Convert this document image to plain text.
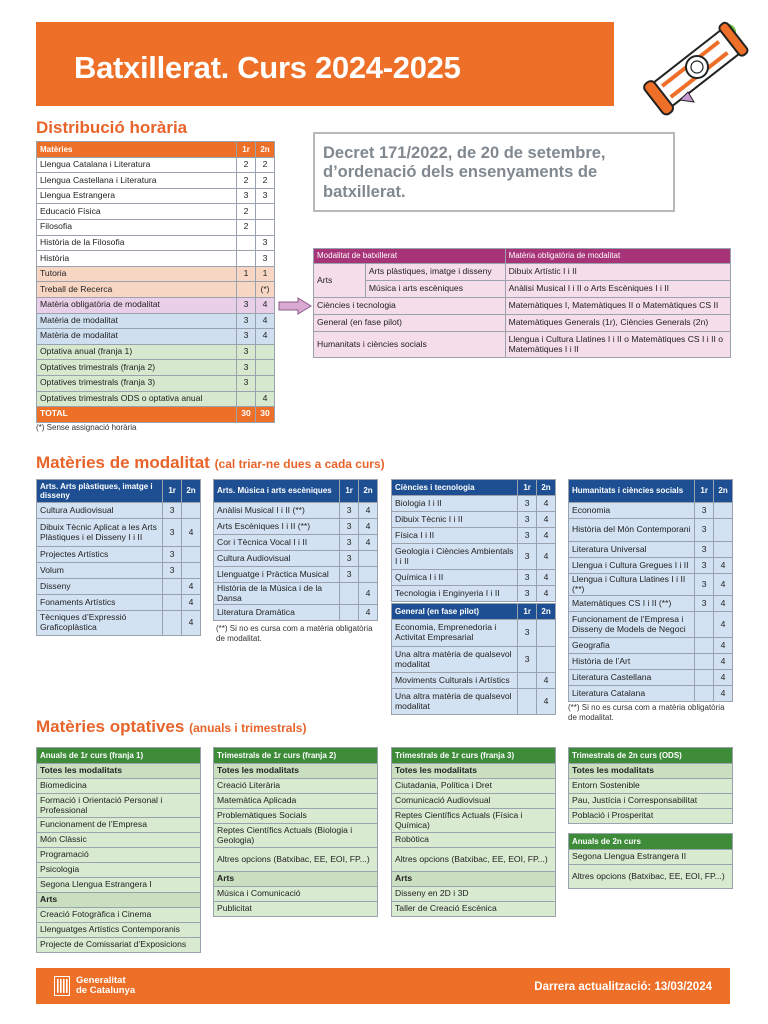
Batxillerat. Curs 2024-2025
Distribució horària
Matèries	1r	2n
Llengua Catalana i Literatura	2	2
Llengua Castellana i Literatura	2	2
Llengua Estrangera	3	3
Educació Física	2	
Filosofia	2	
Història de la Filosofia		3
Història		3
Tutoria	1	1
Treball de Recerca		(*)
Matèria obligatòria de modalitat	3	4
Matèria de modalitat	3	4
Matèria de modalitat	3	4
Optativa anual (franja 1)	3	
Optatives trimestrals (franja 2)	3	
Optatives trimestrals (franja 3)	3	
Optatives trimestrals ODS o optativa anual		4
TOTAL	30	30
(*) Sense assignació horària
Decret 171/2022, de 20 de setembre, d’ordenació dels ensenyaments de batxillerat.
Modalitat de batxillerat		Matèria obligatòria de modalitat
Arts	Arts plàstiques, imatge i disseny	Dibuix Artístic I i II
	Música i arts escèniques	Anàlisi Musical I i II o Arts Escèniques I i II
Ciències i tecnologia		Matemàtiques I, Matemàtiques II o Matemàtiques CS II
General (en fase pilot)		Matemàtiques Generals (1r), Ciències Generals (2n)
Humanitats i ciències socials		Llengua i Cultura Llatines I i II o Matemàtiques CS I i II o Matemàtiques I i II
Matèries de modalitat (cal triar-ne dues a cada curs)
Arts. Arts plàstiques, imatge i disseny	1r	2n
Cultura Audiovisual	3	
Dibuix Tècnic Aplicat a les Arts Plàstiques i el Disseny I i II	3	4
Projectes Artístics	3	
Volum	3	
Disseny		4
Fonaments Artístics		4
Tècniques d’Expressió Graficoplàstica		4
Arts. Música i arts escèniques	1r	2n
Anàlisi Musical I i II (**)	3	4
Arts Escèniques I i II (**)	3	4
Cor i Tècnica Vocal I i II	3	4
Cultura Audiovisual	3	
Llenguatge i Pràctica Musical	3	
Història de la Música i de la Dansa		4
Literatura Dramàtica		4
(**) Si no es cursa com a matèria obligatòria de modalitat.
Ciències i tecnologia	1r	2n
Biologia I i II	3	4
Dibuix Tècnic I i II	3	4
Física I i II	3	4
Geologia i Ciències Ambientals I i II	3	4
Química I i II	3	4
Tecnologia i Enginyeria I i II	3	4
General (en fase pilot)	1r	2n
Economia, Emprenedoria i Activitat Empresarial	3	
Una altra matèria de qualsevol modalitat	3	
Moviments Culturals i Artístics		4
Una altra matèria de qualsevol modalitat		4
Humanitats i ciències socials	1r	2n
Economia	3	
Història del Món Contemporani	3	
Literatura Universal	3	
Llengua i Cultura Gregues I i II	3	4
Llengua i Cultura Llatines I i II (**)	3	4
Matemàtiques CS I i II (**)	3	4
Funcionament de l’Empresa i Disseny de Models de Negoci		4
Geografia		4
Història de l’Art		4
Literatura Castellana		4
Literatura Catalana		4
(**) Si no es cursa com a matèria obligatòria de modalitat.
Matèries optatives (anuals i trimestrals)
Anuals de 1r curs (franja 1)
Totes les modalitats
Biomedicina
Formació i Orientació Personal i Professional
Funcionament de l’Empresa
Món Clàssic
Programació
Psicologia
Segona Llengua Estrangera I
Arts
Creació Fotogràfica i Cinema
Llenguatges Artístics Contemporanis
Projecte de Comissariat d’Exposicions
Trimestrals de 1r curs (franja 2)
Totes les modalitats
Creació Literària
Matemàtica Aplicada
Problemàtiques Socials
Reptes Científics Actuals (Biologia i Geologia)
Altres opcions (Batxibac, EE, EOI, FP...)
Arts
Música i Comunicació
Publicitat
Trimestrals de 1r curs (franja 3)
Totes les modalitats
Ciutadania, Política i Dret
Comunicació Audiovisual
Reptes Científics Actuals (Física i Química)
Robòtica
Altres opcions (Batxibac, EE, EOI, FP...)
Arts
Disseny en 2D i 3D
Taller de Creació Escènica
Trimestrals de 2n curs (ODS)
Totes les modalitats
Entorn Sostenible
Pau, Justícia i Corresponsabilitat
Població i Prosperitat
Anuals de 2n curs
Segona Llengua Estrangera II
Altres opcions (Batxibac, EE, EOI, FP...)
Generalitat
de Catalunya	Darrera actualització: 13/03/2024
